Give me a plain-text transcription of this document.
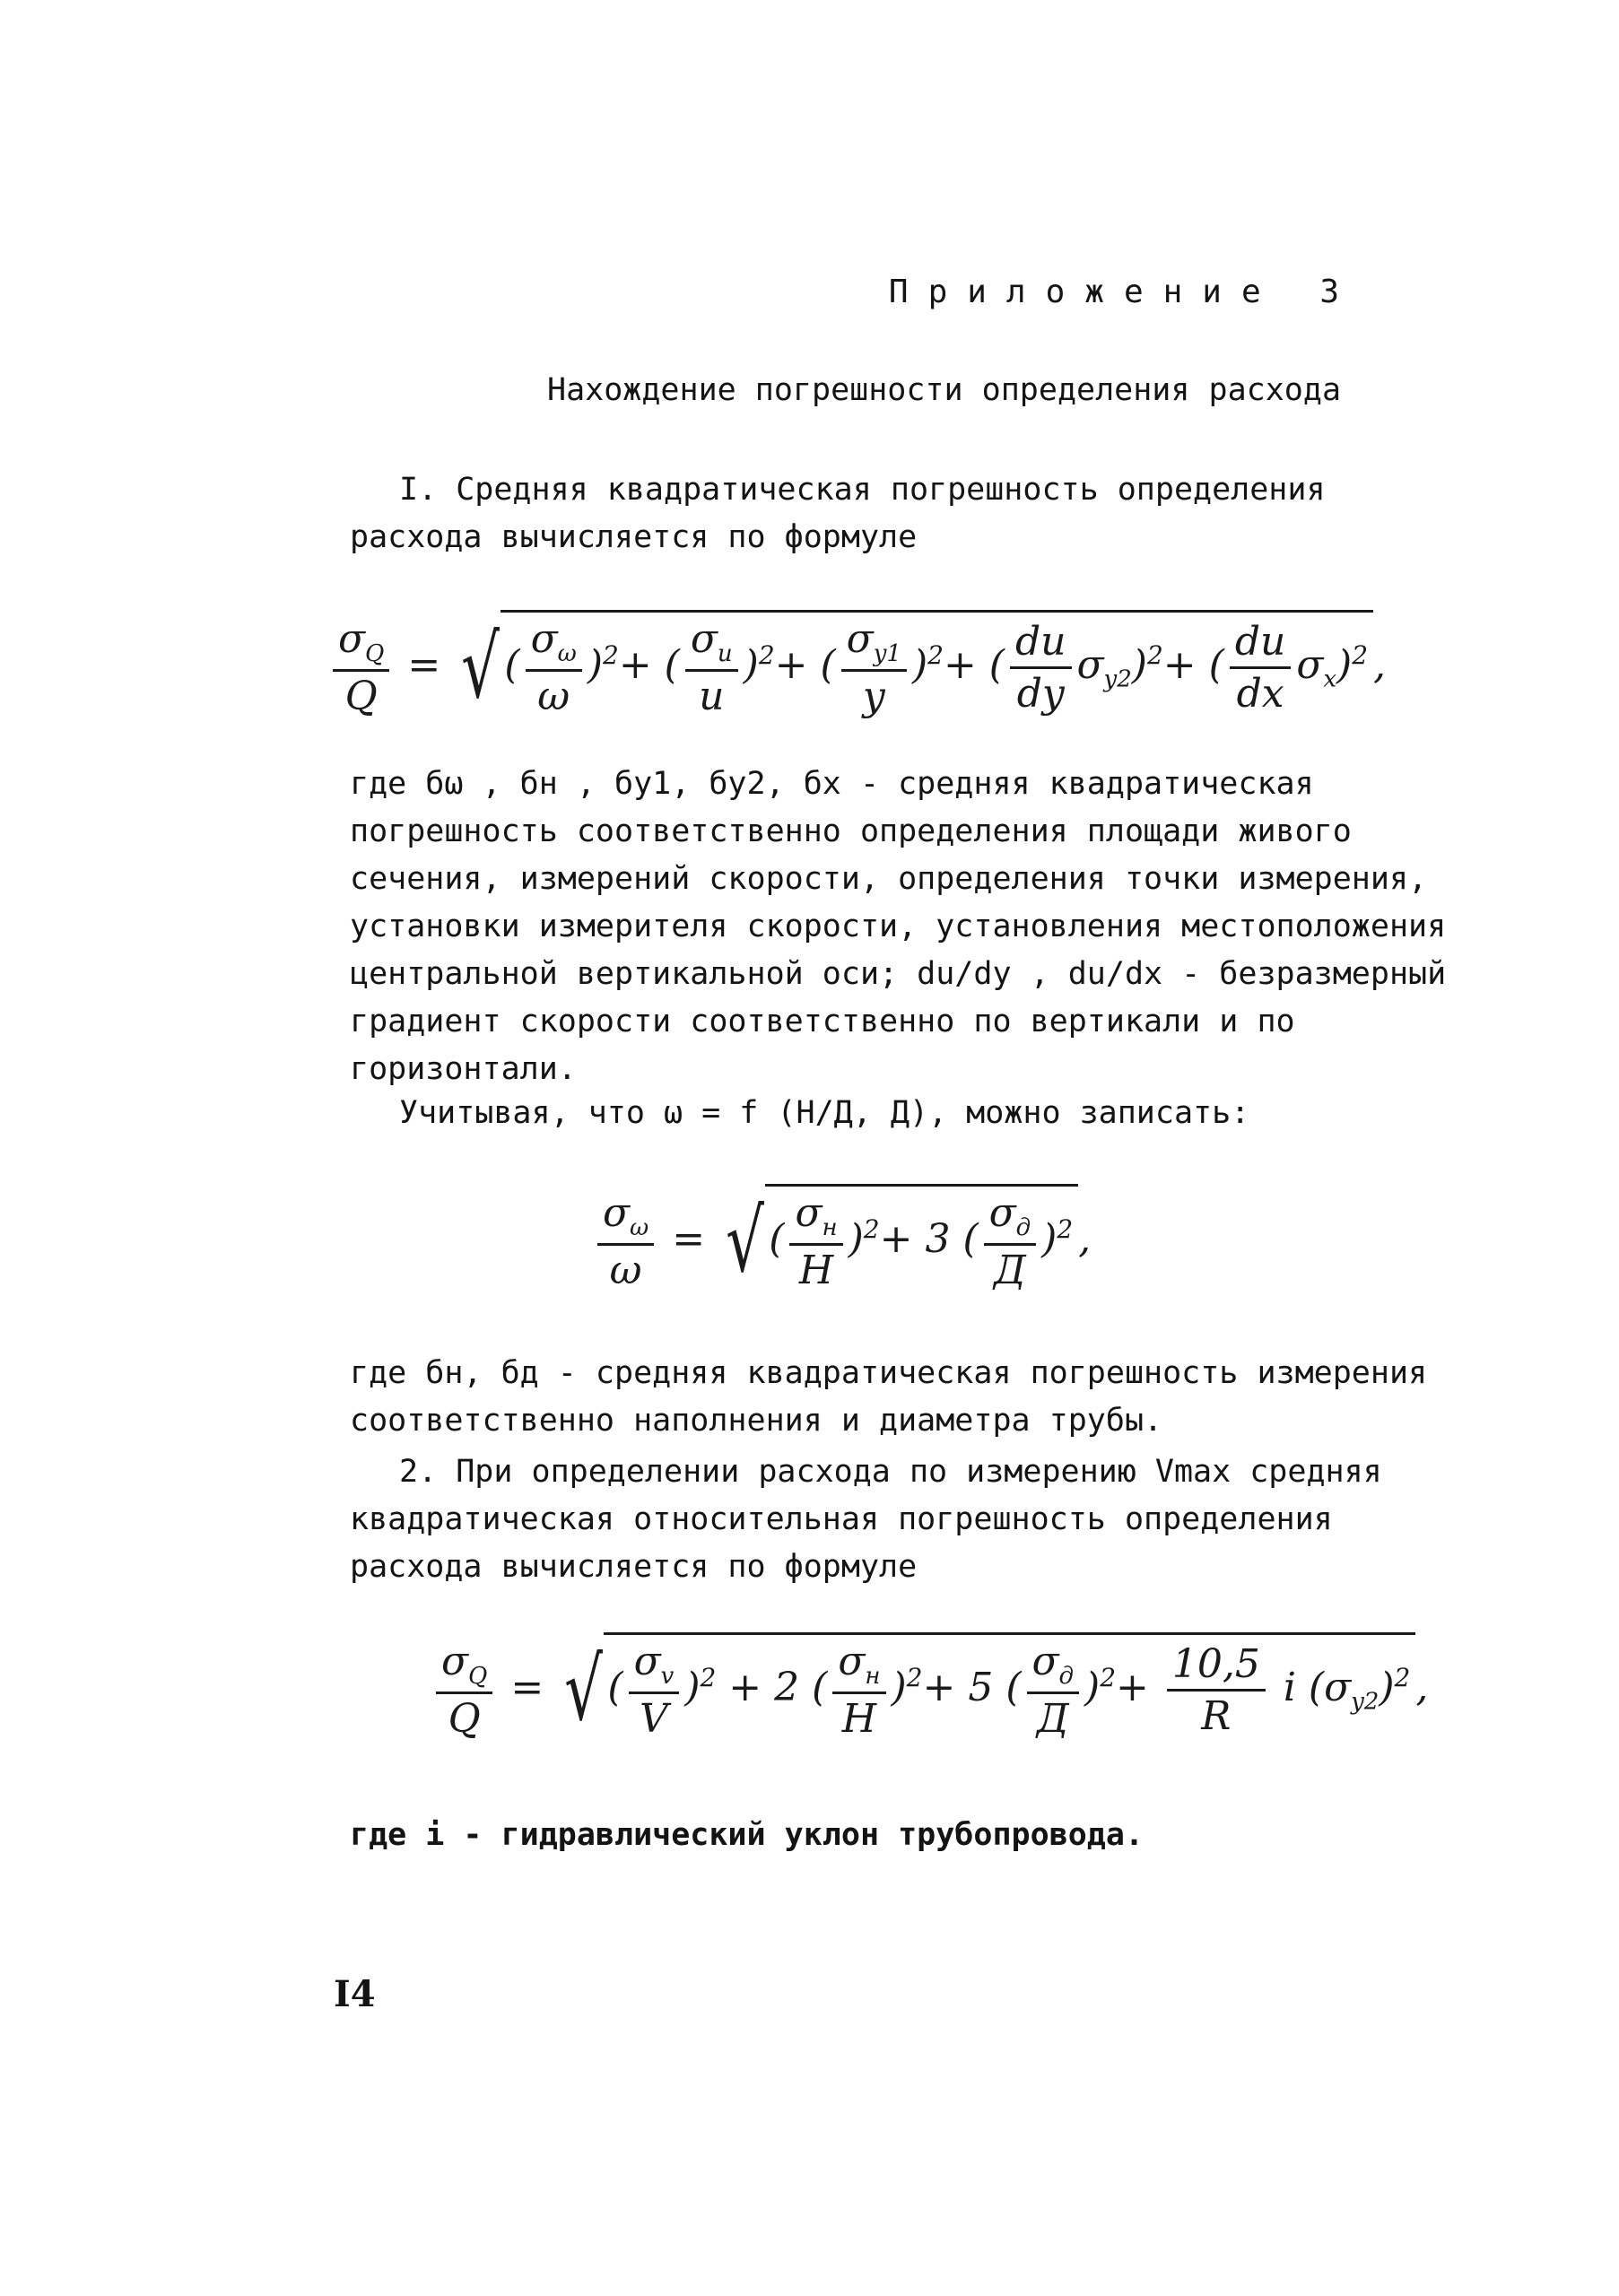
Приложение 3
Нахождение погрешности определения расхода
I. Средняя квадратическая погрешность определения расхода вычисляется по формуле
$\frac{\sigma_Q}{Q}$ = √( $\frac{\sigma_\omega}{\omega} )^2+$ ( $\frac{\sigma_u}{u} )^2+$ ( $\frac{\sigma_{y1}}{y} )^2+$ ( $\frac{du}{dy} \sigma_{y2})^2+$ ( $\frac{du}{dx} \sigma_x)^2$ ,
где бω , бн , бу1, бу2, бx - средняя квадратическая погрешность соответственно определения площади живого сечения, измерений скорости, определения точки измерения, установки измерителя скорости, установления местоположения центральной вертикальной оси; du/dy , du/dx - безразмерный градиент скорости соответственно по вертикали и по горизонтали.
Учитывая, что ω = f (Н/Д, Д), можно записать:
$\frac{\sigma_\omega}{\omega}$ = √( $\frac{\sigma_н}{H} )^2+ 3$ ( $\frac{\sigma_д}{Д} )^2$ ,
где бн, бд - средняя квадратическая погрешность измерения соответственно наполнения и диаметра трубы.
2. При определении расхода по измерению Vmax средняя квадратическая относительная погрешность определения расхода вычисляется по формуле
$\frac{\sigma_Q}{Q}$ = √( $\frac{\sigma_v}{V} )^2 + 2$ ( $\frac{\sigma_н}{H} )^2+ 5$ ( $\frac{\sigma_д}{Д} )^2+ \frac{10,5}{R}$ i $(\sigma_{y2})^2$ ,
где i - гидравлический уклон трубопровода.
I4
